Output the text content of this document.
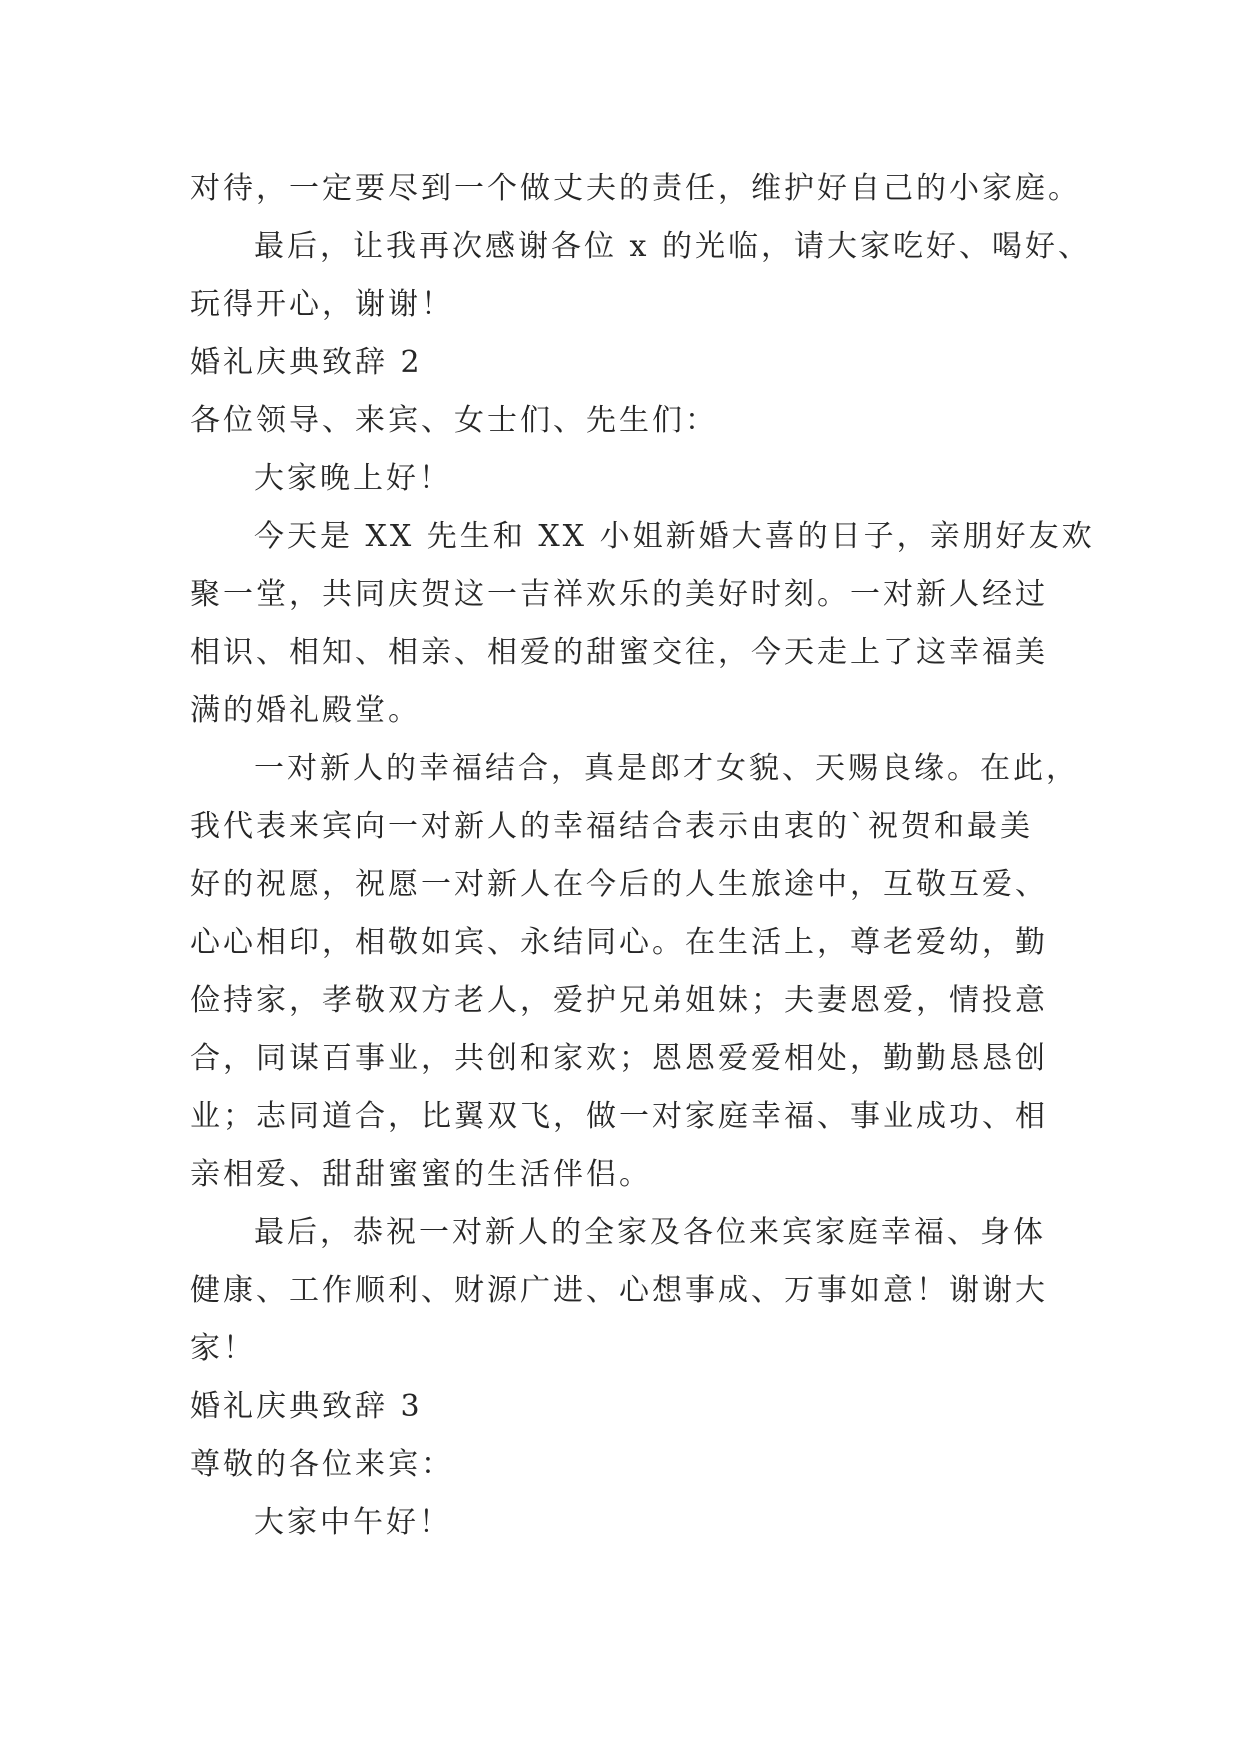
对待，一定要尽到一个做丈夫的责任，维护好自己的小家庭。
最后，让我再次感谢各位 x 的光临，请大家吃好、喝好、
玩得开心，谢谢！
婚礼庆典致辞 2
各位领导、来宾、女士们、先生们：
大家晚上好！
今天是 XX 先生和 XX 小姐新婚大喜的日子，亲朋好友欢
聚一堂，共同庆贺这一吉祥欢乐的美好时刻。一对新人经过
相识、相知、相亲、相爱的甜蜜交往，今天走上了这幸福美
满的婚礼殿堂。
一对新人的幸福结合，真是郎才女貌、天赐良缘。在此，
我代表来宾向一对新人的幸福结合表示由衷的`祝贺和最美
好的祝愿，祝愿一对新人在今后的人生旅途中，互敬互爱、
心心相印，相敬如宾、永结同心。在生活上，尊老爱幼，勤
俭持家，孝敬双方老人，爱护兄弟姐妹；夫妻恩爱，情投意
合，同谋百事业，共创和家欢；恩恩爱爱相处，勤勤恳恳创
业；志同道合，比翼双飞，做一对家庭幸福、事业成功、相
亲相爱、甜甜蜜蜜的生活伴侣。
最后，恭祝一对新人的全家及各位来宾家庭幸福、身体
健康、工作顺利、财源广进、心想事成、万事如意！谢谢大
家！
婚礼庆典致辞 3
尊敬的各位来宾：
大家中午好！
